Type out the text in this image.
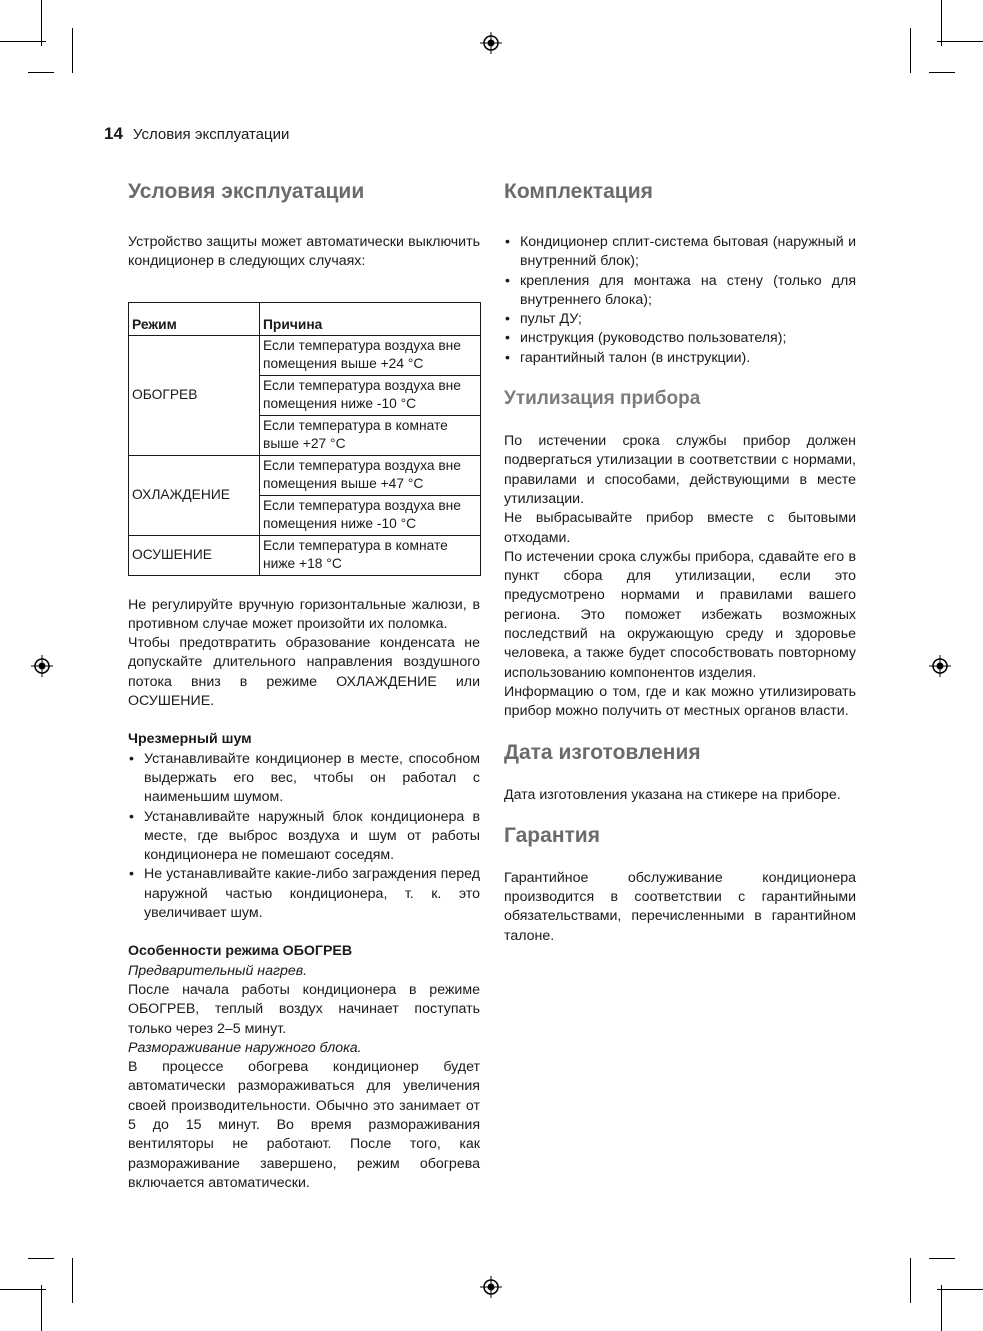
14 Условия эксплуатации
Условия эксплуатации

Устройство защиты может автоматически выключить кондиционер в следующих случаях:

Режим	Причина
ОБОГРЕВ	Если температура воздуха вне помещения выше +24 °C
	Если температура воздуха вне помещения ниже -10 °C
	Если температура в комнате выше +27 °C
ОХЛАЖДЕНИЕ	Если температура воздуха вне помещения выше +47 °C
	Если температура воздуха вне помещения ниже -10 °C
ОСУШЕНИЕ	Если температура в комнате ниже +18 °C

Не регулируйте вручную горизонтальные жалюзи, в противном случае может произойти их поломка.

Чтобы предотвратить образование конденсата не допускайте длительного направления воздушного потока вниз в режиме ОХЛАЖДЕНИЕ или ОСУШЕНИЕ.

Чрезмерный шум
• Устанавливайте кондиционер в месте, способном выдержать его вес, чтобы он работал с наименьшим шумом.
• Устанавливайте наружный блок кондиционера в месте, где выброс воздуха и шум от работы кондиционера не помешают соседям.
• Не устанавливайте какие-либо заграждения перед наружной частью кондиционера, т. к. это увеличивает шум.
Особенности режима ОБОГРЕВ

Предварительный нагрев.

После начала работы кондиционера в режиме ОБОГРЕВ, теплый воздух начинает поступать только через 2–5 минут.

Размораживание наружного блока.

В процессе обогрева кондиционер будет автоматически размораживаться для увеличения своей производительности. Обычно это занимает от 5 до 15 минут. Во время размораживания вентиляторы не работают. После того, как размораживание завершено, режим обогрева включается автоматически.

Комплектация
• Кондиционер сплит-система бытовая (наружный и внутренний блок);
• крепления для монтажа на стену (только для внутреннего блока);
• пульт ДУ;
• инструкция (руководство пользователя);
• гарантийный талон (в инструкции).
Утилизация прибора

По истечении срока службы прибор должен подвергаться утилизации в соответствии с нормами, правилами и способами, действующими в месте утилизации.

Не выбрасывайте прибор вместе с бытовыми отходами.

По истечении срока службы прибора, сдавайте его в пункт сбора для утилизации, если это предусмотрено нормами и правилами вашего региона. Это поможет избежать возможных последствий на окружающую среду и здоровье человека, а также будет способствовать повторному использованию компонентов изделия.

Информацию о том, где и как можно утилизировать прибор можно получить от местных органов власти.

Дата изготовления

Дата изготовления указана на стикере на приборе.

Гарантия

Гарантийное обслуживание кондиционера производится в соответствии с гарантийными обязательствами, перечисленными в гарантийном талоне.
